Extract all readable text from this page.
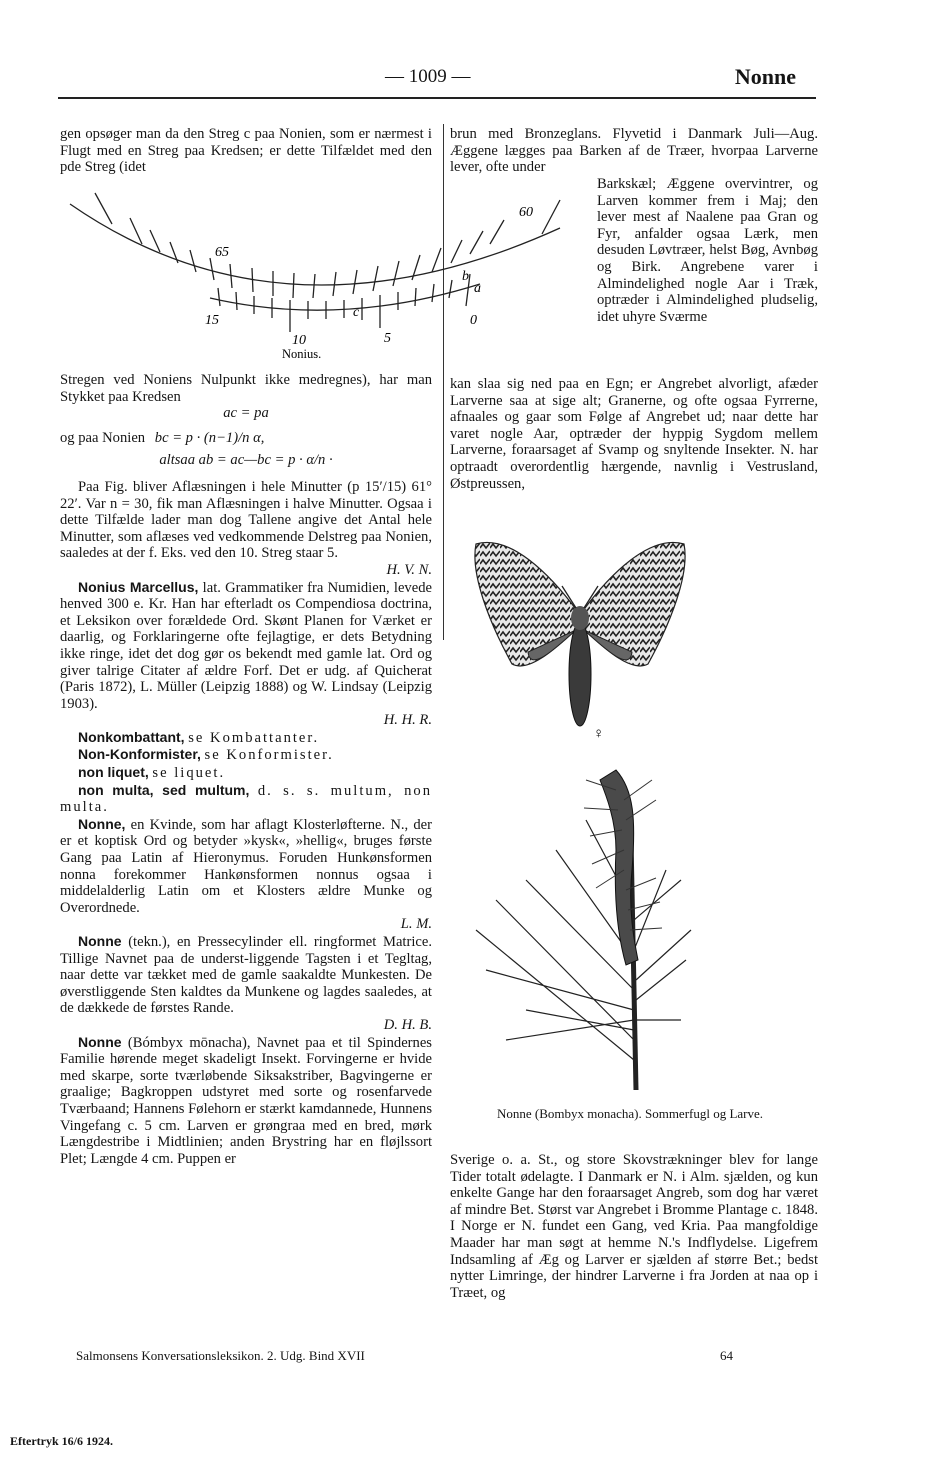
— 1009 —	Nonne

gen opsøger man da den Streg c paa Nonien, som er nærmest i Flugt med en Streg paa Kredsen; er dette Tilfældet med den pde Streg (idet

65
60
15
10	5
0
a
b
c
Nonius.

Stregen ved Noniens Nulpunkt ikke medregnes), har man Stykket paa Kredsen

ac = pa

og paa Nonien bc = p · (n−1)/n α,

altsaa ab = ac—bc = p · α/n ·

Paa Fig. bliver Aflæsningen i hele Minutter (p 15′/15) 61° 22′. Var n = 30, fik man Aflæsningen i halve Minutter. Ogsaa i dette Tilfælde lader man dog Tallene angive det Antal hele Minutter, som aflæses ved vedkommende Delstreg paa Nonien, saaledes at der f. Eks. ved den 10. Streg staar 5.

H. V. N.

Nonius Marcellus, lat. Grammatiker fra Numidien, levede henved 300 e. Kr. Han har efterladt os Compendiosa doctrina, et Leksikon over forældede Ord. Skønt Planen for Værket er daarlig, og Forklaringerne ofte fejlagtige, er dets Betydning ikke ringe, idet det dog gør os bekendt med gamle lat. Ord og giver talrige Citater af ældre Forf. Det er udg. af Quicherat (Paris 1872), L. Müller (Leipzig 1888) og W. Lindsay (Leipzig 1903).

H. H. R.

Nonkombattant, se Kombattanter.

Non-Konformister, se Konformister.

non liquet, se liquet.

non multa, sed multum, d. s. s. multum, non multa.

Nonne, en Kvinde, som har aflagt Klosterløfterne. N., der er et koptisk Ord og betyder »kysk«, »hellig«, bruges første Gang paa Latin af Hieronymus. Foruden Hunkønsformen nonna forekommer Hankønsformen nonnus ogsaa i middelalderlig Latin om et Klosters ældre Munke og Overordnede.

L. M.

Nonne (tekn.), en Pressecylinder ell. ringformet Matrice. Tillige Navnet paa de underst-liggende Tagsten i et Tegltag, naar dette var tækket med de gamle saakaldte Munkesten. De øverstliggende Sten kaldtes da Munkene og lagdes saaledes, at de dækkede de førstes Rande.

D. H. B.

Nonne (Bómbyx mōnacha), Navnet paa et til Spindernes Familie hørende meget skadeligt Insekt. Forvingerne er hvide med skarpe, sorte tværløbende Siksakstriber, Bagvingerne er graalige; Bagkroppen udstyret med sorte og rosenfarvede Tværbaand; Hannens Følehorn er stærkt kamdannede, Hunnens Vingefang c. 5 cm. Larven er grøngraa med en bred, mørk Længdestribe i Midtlinien; anden Brystring har en fløjlssort Plet; Længde 4 cm. Puppen er

brun med Bronzeglans. Flyvetid i Danmark Juli—Aug. Æggene lægges paa Barken af de Træer, hvorpaa Larverne lever, ofte under

Barkskæl; Æggene overvintrer, og Larven kommer frem i Maj; den lever mest af Naalene paa Gran og Fyr, anfalder ogsaa Lærk, men desuden Løvtræer, helst Bøg, Avnbøg og Birk. Angrebene varer i Almindelighed nogle Aar i Træk, optræder i Almindelighed pludselig, idet uhyre Sværme

kan slaa sig ned paa en Egn; er Angrebet alvorligt, afæder Larverne saa at sige alt; Granerne, og ofte ogsaa Fyrrerne, afnaales og gaar som Følge af Angrebet ud; naar dette har varet nogle Aar, optræder der hyppig Sygdom mellem Larverne, foraarsaget af Svamp og snyltende Insekter. N. har optraadt overordentlig hærgende, navnlig i Vestrusland, Østpreussen,

♀
Nonne (Bombyx monacha). Sommerfugl og Larve.

Sverige o. a. St., og store Skovstrækninger blev for lange Tider totalt ødelagte. I Danmark er N. i Alm. sjælden, og kun enkelte Gange har den foraarsaget Angreb, som dog har været af mindre Bet. Størst var Angrebet i Bromme Plantage c. 1848. I Norge er N. fundet een Gang, ved Kria. Paa mangfoldige Maader har man søgt at hemme N.'s Indflydelse. Ligefrem Indsamling af Æg og Larver er sjælden af større Bet.; bedst nytter Limringe, der hindrer Larverne i fra Jorden at naa op i Træet, og

Salmonsens Konversationsleksikon. 2. Udg. Bind XVII	64
Eftertryk 16/6 1924.
